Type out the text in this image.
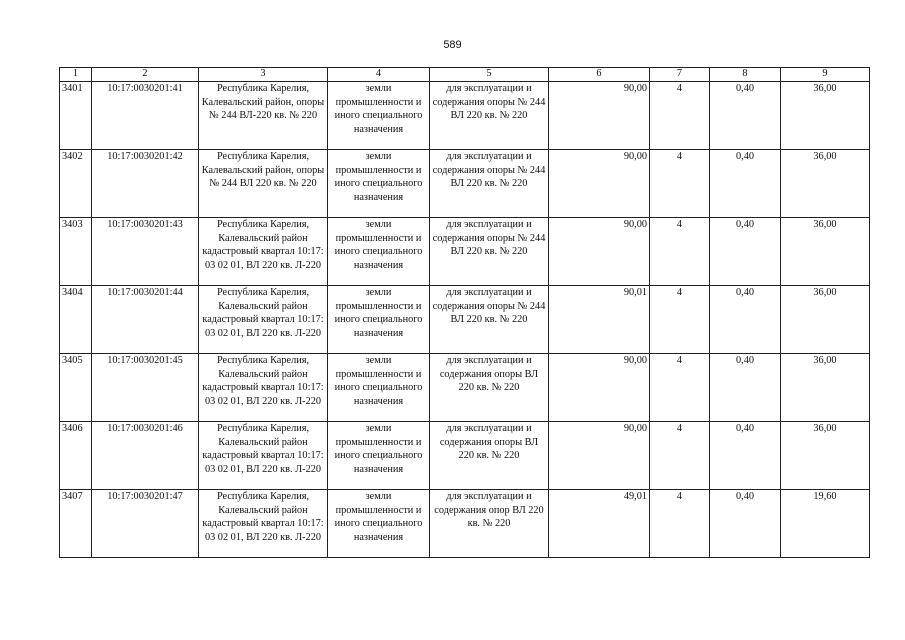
589
1	2	3	4	5	6	7	8	9
3401	10:17:0030201:41	Республика Карелия, Калевальский район, опоры № 244 ВЛ-220 кв. № 220	земли промышленности и иного специального назначения	для эксплуатации и содержания опоры № 244 ВЛ 220 кв. № 220	90,00	4	0,40	36,00
3402	10:17:0030201:42	Республика Карелия, Калевальский район, опоры № 244 ВЛ 220 кв. № 220	земли промышленности и иного специального назначения	для эксплуатации и содержания опоры № 244 ВЛ 220 кв. № 220	90,00	4	0,40	36,00
3403	10:17:0030201:43	Республика Карелия, Калевальский район кадастровый квартал 10:17: 03 02 01, ВЛ 220 кв. Л-220	земли промышленности и иного специального назначения	для эксплуатации и содержания опоры № 244 ВЛ 220 кв. № 220	90,00	4	0,40	36,00
3404	10:17:0030201:44	Республика Карелия, Калевальский район кадастровый квартал 10:17: 03 02 01, ВЛ 220 кв. Л-220	земли промышленности и иного специального назначения	для эксплуатации и содержания опоры № 244 ВЛ 220 кв. № 220	90,01	4	0,40	36,00
3405	10:17:0030201:45	Республика Карелия, Калевальский район кадастровый квартал 10:17: 03 02 01, ВЛ 220 кв. Л-220	земли промышленности и иного специального назначения	для эксплуатации и содержания опоры ВЛ 220 кв. № 220	90,00	4	0,40	36,00
3406	10:17:0030201:46	Республика Карелия, Калевальский район кадастровый квартал 10:17: 03 02 01, ВЛ 220 кв. Л-220	земли промышленности и иного специального назначения	для эксплуатации и содержания опоры ВЛ 220 кв. № 220	90,00	4	0,40	36,00
3407	10:17:0030201:47	Республика Карелия, Калевальский район кадастровый квартал 10:17: 03 02 01, ВЛ 220 кв. Л-220	земли промышленности и иного специального назначения	для эксплуатации и содержания опор ВЛ 220 кв. № 220	49,01	4	0,40	19,60
